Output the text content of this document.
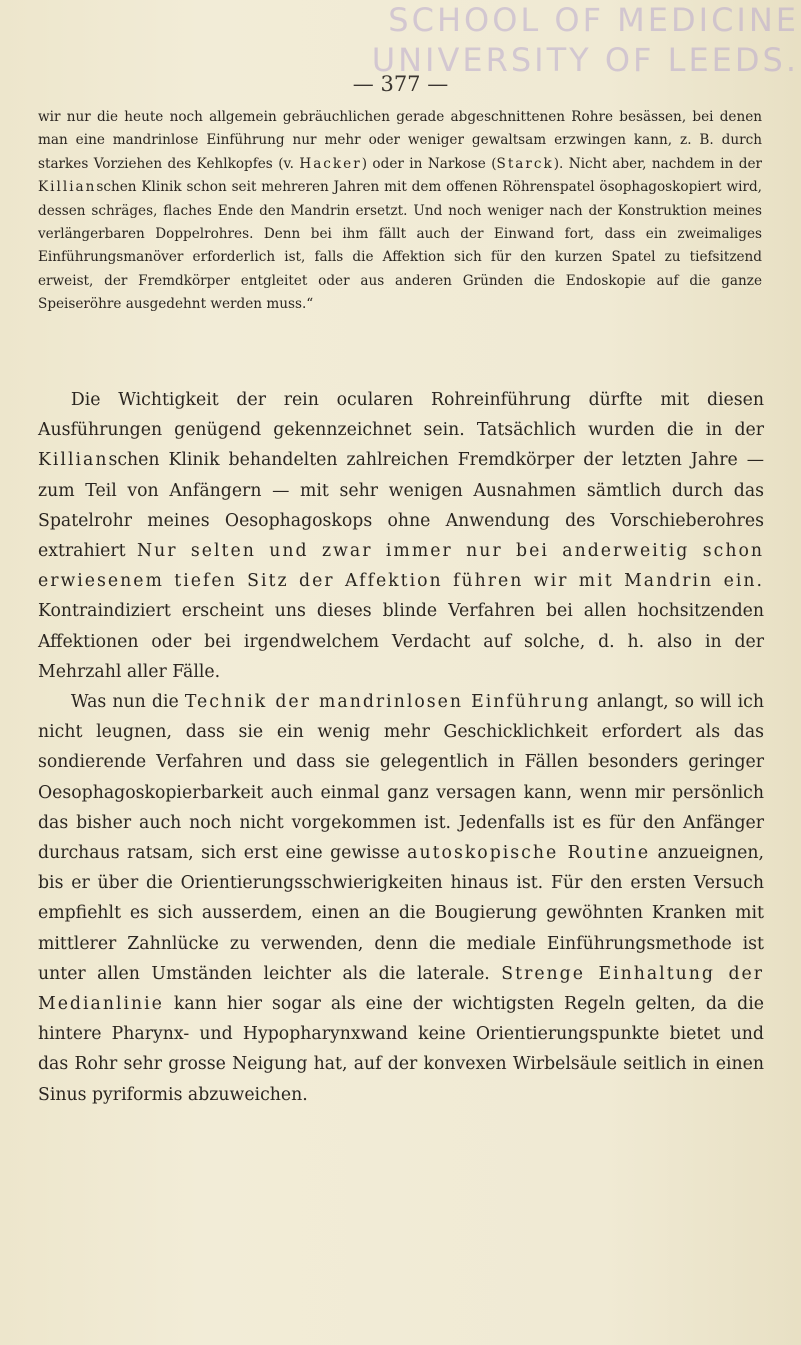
SCHOOL OF MEDICINE
UNIVERSITY OF LEEDS.
— 377 —

wir nur die heute noch allgemein gebräuchlichen gerade abgeschnittenen Rohre besässen, bei denen man eine mandrinlose Einführung nur mehr oder weniger gewaltsam erzwingen kann, z. B. durch starkes Vorziehen des Kehlkopfes (v. Hacker) oder in Narkose (Starck). Nicht aber, nachdem in der Killianschen Klinik schon seit mehreren Jahren mit dem offenen Röhrenspatel ösophagoskopiert wird, dessen schräges, flaches Ende den Mandrin ersetzt. Und noch weniger nach der Konstruktion meines verlängerbaren Doppelrohres. Denn bei ihm fällt auch der Einwand fort, dass ein zweimaliges Einführungsmanöver erforderlich ist, falls die Affektion sich für den kurzen Spatel zu tiefsitzend erweist, der Fremdkörper entgleitet oder aus anderen Gründen die Endoskopie auf die ganze Speiseröhre ausgedehnt werden muss.“

Die Wichtigkeit der rein ocularen Rohreinführung dürfte mit diesen Ausführungen genügend gekennzeichnet sein. Tatsächlich wurden die in der Killianschen Klinik behandelten zahlreichen Fremdkörper der letzten Jahre — zum Teil von Anfängern — mit sehr wenigen Ausnahmen sämtlich durch das Spatelrohr meines Oesophagoskops ohne Anwendung des Vorschieberohres extrahiert Nur selten und zwar immer nur bei anderweitig schon erwiesenem tiefen Sitz der Affektion führen wir mit Mandrin ein. Kontraindiziert erscheint uns dieses blinde Verfahren bei allen hochsitzenden Affektionen oder bei irgendwelchem Verdacht auf solche, d. h. also in der Mehrzahl aller Fälle.

Was nun die Technik der mandrinlosen Einführung anlangt, so will ich nicht leugnen, dass sie ein wenig mehr Geschicklichkeit erfordert als das sondierende Verfahren und dass sie gelegentlich in Fällen besonders geringer Oesophagoskopierbarkeit auch einmal ganz versagen kann, wenn mir persönlich das bisher auch noch nicht vorgekommen ist. Jedenfalls ist es für den Anfänger durchaus ratsam, sich erst eine gewisse autoskopische Routine anzueignen, bis er über die Orientierungsschwierigkeiten hinaus ist. Für den ersten Versuch empfiehlt es sich ausserdem, einen an die Bougierung gewöhnten Kranken mit mittlerer Zahnlücke zu verwenden, denn die mediale Einführungsmethode ist unter allen Umständen leichter als die laterale. Strenge Einhaltung der Medianlinie kann hier sogar als eine der wichtigsten Regeln gelten, da die hintere Pharynx- und Hypopharynxwand keine Orientierungspunkte bietet und das Rohr sehr grosse Neigung hat, auf der konvexen Wirbelsäule seitlich in einen Sinus pyriformis abzuweichen.
